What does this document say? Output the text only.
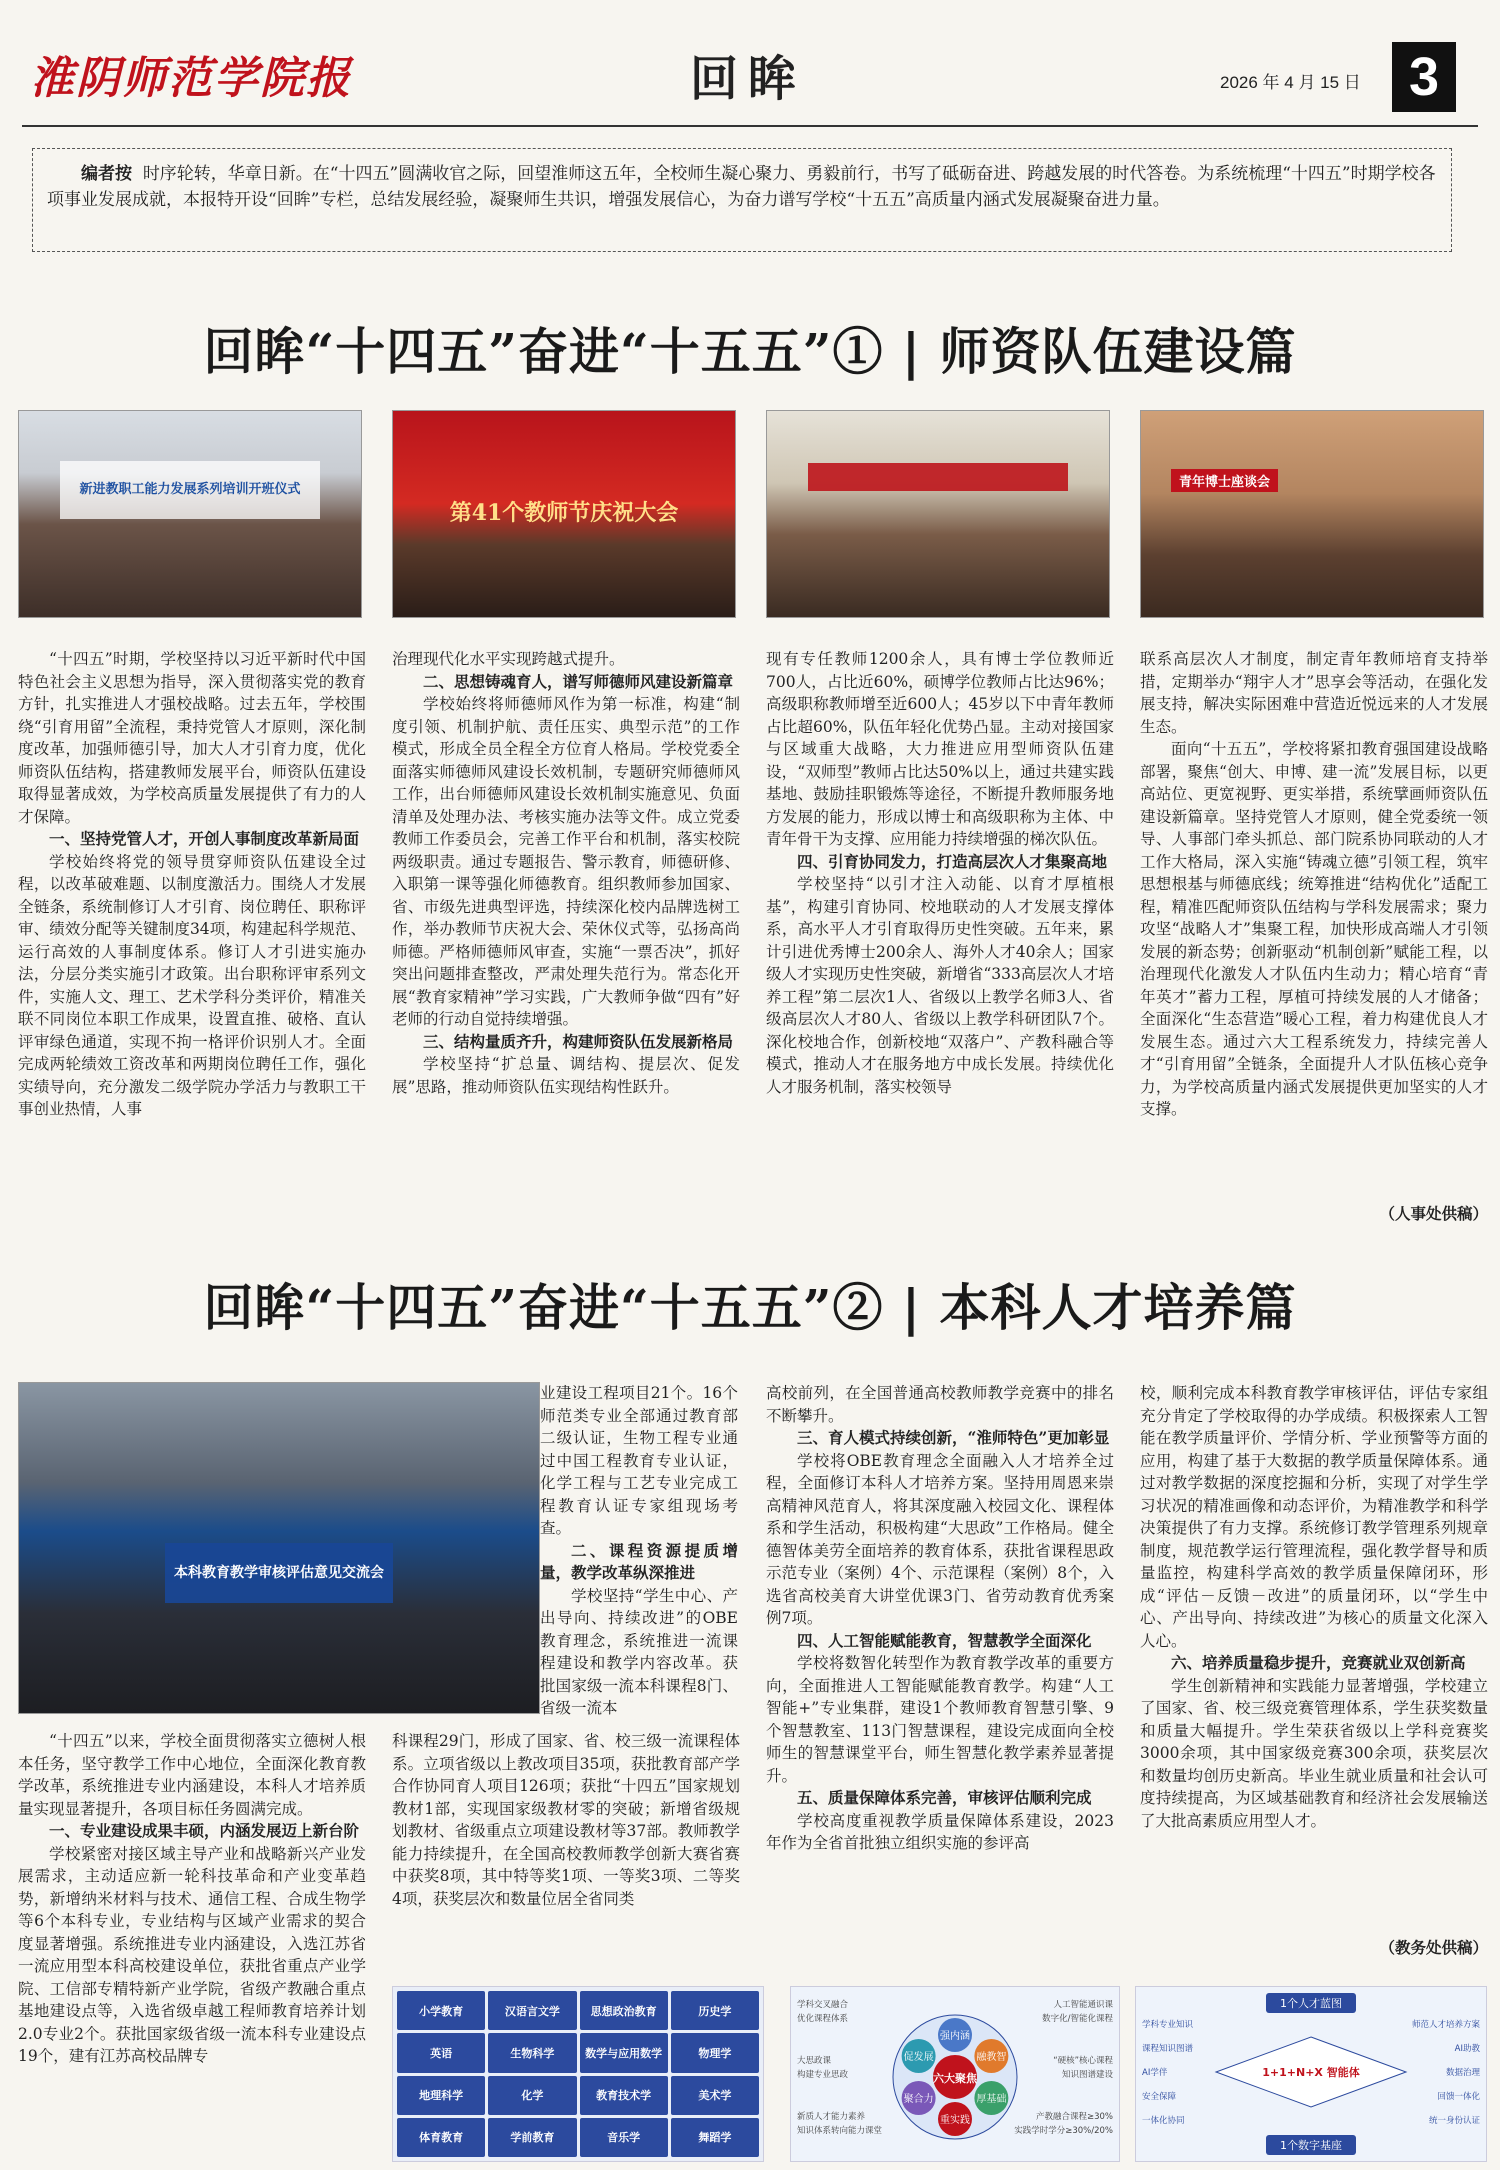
淮阴师范学院报	回眸	2026 年 4 月 15 日 3
编者按 时序轮转，华章日新。在“十四五”圆满收官之际，回望淮师这五年，全校师生凝心聚力、勇毅前行，书写了砥砺奋进、跨越发展的时代答卷。为系统梳理“十四五”时期学校各项事业发展成就，本报特开设“回眸”专栏，总结发展经验，凝聚师生共识，增强发展信心，为奋力谱写学校“十五五”高质量内涵式发展凝聚奋进力量。
回眸“十四五”奋进“十五五”① | 师资队伍建设篇
新进教职工能力发展系列培训开班仪式
第41个教师节庆祝大会
青年博士座谈会

“十四五”时期，学校坚持以习近平新时代中国特色社会主义思想为指导，深入贯彻落实党的教育方针，扎实推进人才强校战略。过去五年，学校围绕“引育用留”全流程，秉持党管人才原则，深化制度改革，加强师德引导，加大人才引育力度，优化师资队伍结构，搭建教师发展平台，师资队伍建设取得显著成效，为学校高质量发展提供了有力的人才保障。

一、坚持党管人才，开创人事制度改革新局面

学校始终将党的领导贯穿师资队伍建设全过程，以改革破难题、以制度激活力。围绕人才发展全链条，系统制修订人才引育、岗位聘任、职称评审、绩效分配等关键制度34项，构建起科学规范、运行高效的人事制度体系。修订人才引进实施办法，分层分类实施引才政策。出台职称评审系列文件，实施人文、理工、艺术学科分类评价，精准关联不同岗位本职工作成果，设置直推、破格、直认评审绿色通道，实现不拘一格评价识别人才。全面完成两轮绩效工资改革和两期岗位聘任工作，强化实绩导向，充分激发二级学院办学活力与教职工干事创业热情，人事

治理现代化水平实现跨越式提升。

二、思想铸魂育人，谱写师德师风建设新篇章

学校始终将师德师风作为第一标准，构建“制度引领、机制护航、责任压实、典型示范”的工作模式，形成全员全程全方位育人格局。学校党委全面落实师德师风建设长效机制，专题研究师德师风工作，出台师德师风建设长效机制实施意见、负面清单及处理办法、考核实施办法等文件。成立党委教师工作委员会，完善工作平台和机制，落实校院两级职责。通过专题报告、警示教育，师德研修、入职第一课等强化师德教育。组织教师参加国家、省、市级先进典型评选，持续深化校内品牌选树工作，举办教师节庆祝大会、荣休仪式等，弘扬高尚师德。严格师德师风审查，实施“一票否决”，抓好突出问题排查整改，严肃处理失范行为。常态化开展“教育家精神”学习实践，广大教师争做“四有”好老师的行动自觉持续增强。

三、结构量质齐升，构建师资队伍发展新格局

学校坚持“扩总量、调结构、提层次、促发展”思路，推动师资队伍实现结构性跃升。

现有专任教师1200余人，具有博士学位教师近700人，占比近60%，硕博学位教师占比达96%；高级职称教师增至近600人；45岁以下中青年教师占比超60%，队伍年轻化优势凸显。主动对接国家与区域重大战略，大力推进应用型师资队伍建设，“双师型”教师占比达50%以上，通过共建实践基地、鼓励挂职锻炼等途径，不断提升教师服务地方发展的能力，形成以博士和高级职称为主体、中青年骨干为支撑、应用能力持续增强的梯次队伍。

四、引育协同发力，打造高层次人才集聚高地

学校坚持“以引才注入动能、以育才厚植根基”，构建引育协同、校地联动的人才发展支撑体系，高水平人才引育取得历史性突破。五年来，累计引进优秀博士200余人、海外人才40余人；国家级人才实现历史性突破，新增省“333高层次人才培养工程”第二层次1人、省级以上教学名师3人、省级高层次人才80人、省级以上教学科研团队7个。深化校地合作，创新校地“双落户”、产教科融合等模式，推动人才在服务地方中成长发展。持续优化人才服务机制，落实校领导

联系高层次人才制度，制定青年教师培育支持举措，定期举办“翔宇人才”思享会等活动，在强化发展支持，解决实际困难中营造近悦远来的人才发展生态。

面向“十五五”，学校将紧扣教育强国建设战略部署，聚焦“创大、申博、建一流”发展目标，以更高站位、更宽视野、更实举措，系统擘画师资队伍建设新篇章。坚持党管人才原则，健全党委统一领导、人事部门牵头抓总、部门院系协同联动的人才工作大格局，深入实施“铸魂立德”引领工程，筑牢思想根基与师德底线；统筹推进“结构优化”适配工程，精准匹配师资队伍结构与学科发展需求；聚力攻坚“战略人才”集聚工程，加快形成高端人才引领发展的新态势；创新驱动“机制创新”赋能工程，以治理现代化激发人才队伍内生动力；精心培育“青年英才”蓄力工程，厚植可持续发展的人才储备；全面深化“生态营造”暖心工程，着力构建优良人才发展生态。通过六大工程系统发力，持续完善人才“引育用留”全链条，全面提升人才队伍核心竞争力，为学校高质量内涵式发展提供更加坚实的人才支撑。

（人事处供稿）
回眸“十四五”奋进“十五五”② | 本科人才培养篇
本科教育教学审核评估意见交流会

“十四五”以来，学校全面贯彻落实立德树人根本任务，坚守教学工作中心地位，全面深化教育教学改革，系统推进专业内涵建设，本科人才培养质量实现显著提升，各项目标任务圆满完成。

一、专业建设成果丰硕，内涵发展迈上新台阶

学校紧密对接区域主导产业和战略新兴产业发展需求，主动适应新一轮科技革命和产业变革趋势，新增纳米材料与技术、通信工程、合成生物学等6个本科专业，专业结构与区域产业需求的契合度显著增强。系统推进专业内涵建设，入选江苏省一流应用型本科高校建设单位，获批省重点产业学院、工信部专精特新产业学院，省级产教融合重点基地建设点等，入选省级卓越工程师教育培养计划2.0专业2个。获批国家级省级一流本科专业建设点19个，建有江苏高校品牌专

业建设工程项目21个。16个师范类专业全部通过教育部二级认证，生物工程专业通过中国工程教育专业认证，化学工程与工艺专业完成工程教育认证专家组现场考查。

二、课程资源提质增量，教学改革纵深推进

学校坚持“学生中心、产出导向、持续改进”的OBE教育理念，系统推进一流课程建设和教学内容改革。获批国家级一流本科课程8门、省级一流本

科课程29门，形成了国家、省、校三级一流课程体系。立项省级以上教改项目35项，获批教育部产学合作协同育人项目126项；获批“十四五”国家规划教材1部，实现国家级教材零的突破；新增省级规划教材、省级重点立项建设教材等37部。教师教学能力持续提升，在全国高校教师教学创新大赛省赛中获奖8项，其中特等奖1项、一等奖3项、二等奖4项，获奖层次和数量位居全省同类

高校前列，在全国普通高校教师教学竞赛中的排名不断攀升。

三、育人模式持续创新，“淮师特色”更加彰显

学校将OBE教育理念全面融入人才培养全过程，全面修订本科人才培养方案。坚持用周恩来崇高精神风范育人，将其深度融入校园文化、课程体系和学生活动，积极构建“大思政”工作格局。健全德智体美劳全面培养的教育体系，获批省课程思政示范专业（案例）4个、示范课程（案例）8个，入选省高校美育大讲堂优课3门、省劳动教育优秀案例7项。

四、人工智能赋能教育，智慧教学全面深化

学校将数智化转型作为教育教学改革的重要方向，全面推进人工智能赋能教育教学。构建“人工智能+”专业集群，建设1个教师教育智慧引擎、9个智慧教室、113门智慧课程，建设完成面向全校师生的智慧课堂平台，师生智慧化教学素养显著提升。

五、质量保障体系完善，审核评估顺利完成

学校高度重视教学质量保障体系建设，2023年作为全省首批独立组织实施的参评高

校，顺利完成本科教育教学审核评估，评估专家组充分肯定了学校取得的办学成绩。积极探索人工智能在教学质量评价、学情分析、学业预警等方面的应用，构建了基于大数据的教学质量保障体系。通过对教学数据的深度挖掘和分析，实现了对学生学习状况的精准画像和动态评价，为精准教学和科学决策提供了有力支撑。系统修订教学管理系列规章制度，规范教学运行管理流程，强化教学督导和质量监控，构建科学高效的教学质量保障闭环，形成“评估－反馈－改进”的质量闭环，以“学生中心、产出导向、持续改进”为核心的质量文化深入人心。

六、培养质量稳步提升，竞赛就业双创新高

学生创新精神和实践能力显著增强，学校建立了国家、省、校三级竞赛管理体系，学生获奖数量和质量大幅提升。学生荣获省级以上学科竞赛奖3000余项，其中国家级竞赛300余项，获奖层次和数量均创历史新高。毕业生就业质量和社会认可度持续提高，为区域基础教育和经济社会发展输送了大批高素质应用型人才。

（教务处供稿）
小学教育	汉语言文学	思想政治教育	历史学
英语	生物科学	数学与应用数学	物理学
地理科学	化学	教育技术学	美术学
体育教育	学前教育	音乐学	舞蹈学
六大聚焦
强内涵
融教智
厚基础
重实践
聚合力
促发展
学科交叉融合
优化课程体系
人工智能通识课
数字化/智能化课程
大思政课
构建专业思政
“硬核”核心课程
知识图谱建设
新质人才能力素养
知识体系转向能力课堂
产教融合课程≥30%
实践学时学分≥30%/20%
1个人才蓝图
1+1+N+X 智能体
1个数字基座
学科专业知识	师范人才培养方案
课程知识图谱	AI助教
AI学伴	数据治理
安全保障	回馈一体化
一体化协同	统一身份认证
